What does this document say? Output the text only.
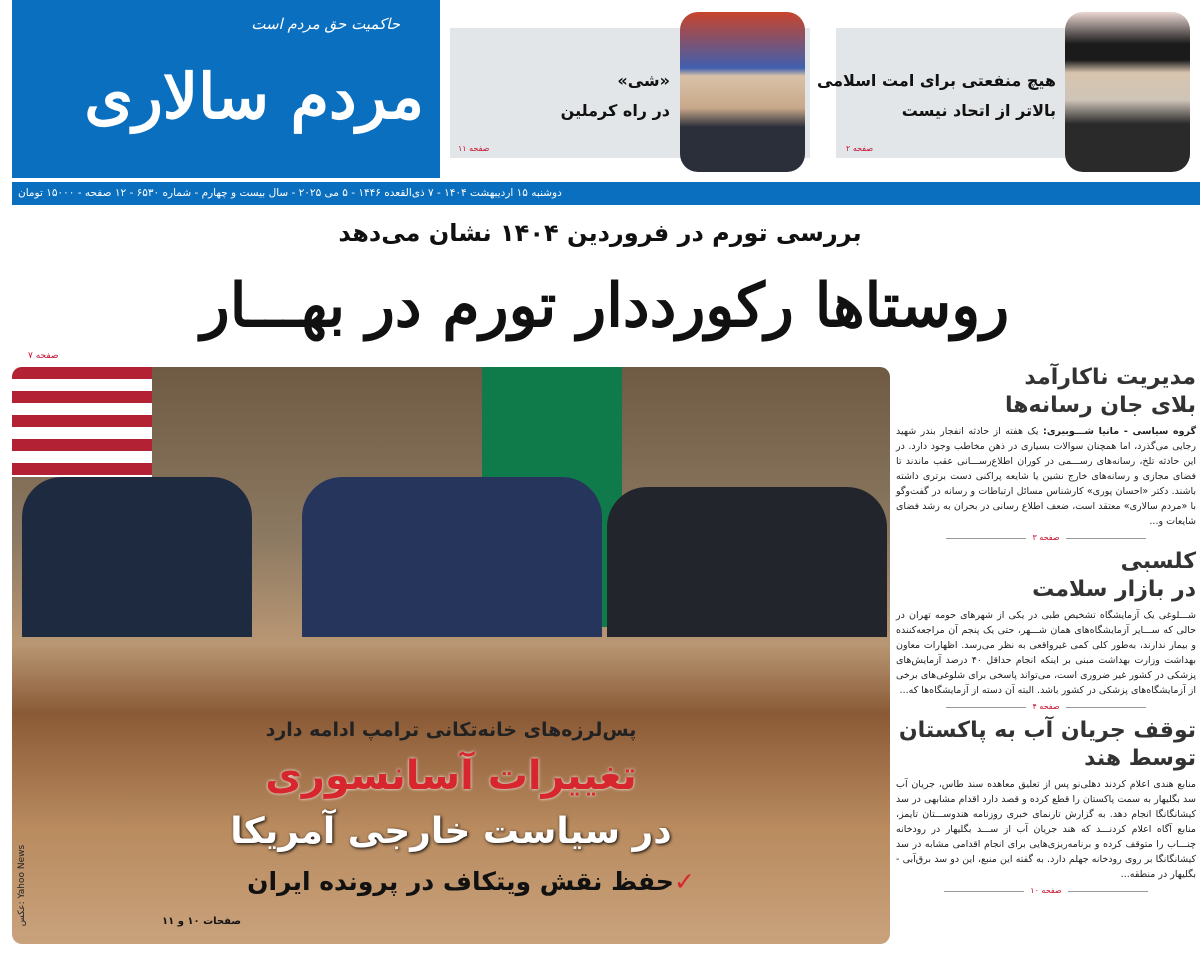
حاکمیت حق مردم است
مردم سالاری	«شی»
در راه کرملین
صفحه ۱۱
هیچ منفعتی برای امت اسلامی
بالاتر از اتحاد نیست
صفحه ۲
دوشنبه ۱۵ اردیبهشت ۱۴۰۴ - ۷ ذی‌القعده ۱۴۴۶ - ۵ می ۲۰۲۵ - سال بیست و چهارم - شماره ۶۵۳۰ - ۱۲ صفحه - ۱۵۰۰۰ تومان
بررسی تورم در فروردین ۱۴۰۴ نشان می‌دهد
روستاها رکورددار تورم در بهـــار
صفحه ۷
پس‌لرزه‌های خانه‌تکانی ترامپ ادامه دارد
تغییرات آسانسوری
در سیاست خارجی آمریکا
✓حفظ نقش ویتکاف در پرونده ایران
صفحات ۱۰ و ۱۱
عکس: Yahoo News
مدیریت ناکارآمد
بلای جان رسانه‌ها

گروه سیاسی - مانیا شـــوبیری: یک هفته از حادثه انفجار بندر شهید رجایی می‌گذرد، اما همچنان سوالات بسیاری در ذهن مخاطب وجود دارد. در این حادثه تلخ، رسانه‌های رســـمی در کوران اطلاع‌رســـانی عقب ماندند تا فضای مجازی و رسانه‌های خارج نشین یا شایعه پراکنی دست برتری داشته باشند. دکتر «احسان پوری» کارشناس مسائل ارتباطات و رسانه در گفت‌وگو با «مردم سالاری» معتقد است، ضعف اطلاع رسانی در بحران به رشد فضای شایعات و...

صفحه ۳
کلسبی
در بازار سلامت

شـــلوغی یک آزمایشگاه تشخیص طبی در یکی از شهرهای حومه تهران در حالی که ســـایر آزمایشگاه‌های همان شـــهر، حتی یک پنجم آن مراجعه‌کننده و بیمار ندارند، به‌طور کلی کمی غیرواقعی به نظر می‌رسد. اظهارات معاون بهداشت وزارت بهداشت مبنی بر اینکه انجام حداقل ۴۰ درصد آزمایش‌های پزشکی در کشور غیر ضروری است، می‌تواند پاسخی برای شلوغی‌های برخی از آزمایشگاه‌های پزشکی در کشور باشد. البته آن دسته از آزمایشگاه‌ها که...

صفحه ۴
توقف جریان آب به پاکستان
توسط هند

منابع هندی اعلام کردند دهلی‌نو پس از تعلیق معاهده سند طاس، جریان آب سد بگلیهار به سمت پاکستان را قطع کرده و قصد دارد اقدام مشابهی در سد کیشانگانگا انجام دهد. به گزارش تارنمای خبری روزنامه هندوســـتان تایمز، منابع آگاه اعلام کردنـــد که هند جریان آب از ســـد بگلیهار در رودخانه چنـــاب را متوقف کرده و برنامه‌ریزی‌هایی برای انجام اقدامی مشابه در سد کیشانگانگا بر روی رودخانه جهلم دارد. به گفته این منبع، این دو سد برق‌آبی - بگلیهار در منطقه...

صفحه ۱۰
